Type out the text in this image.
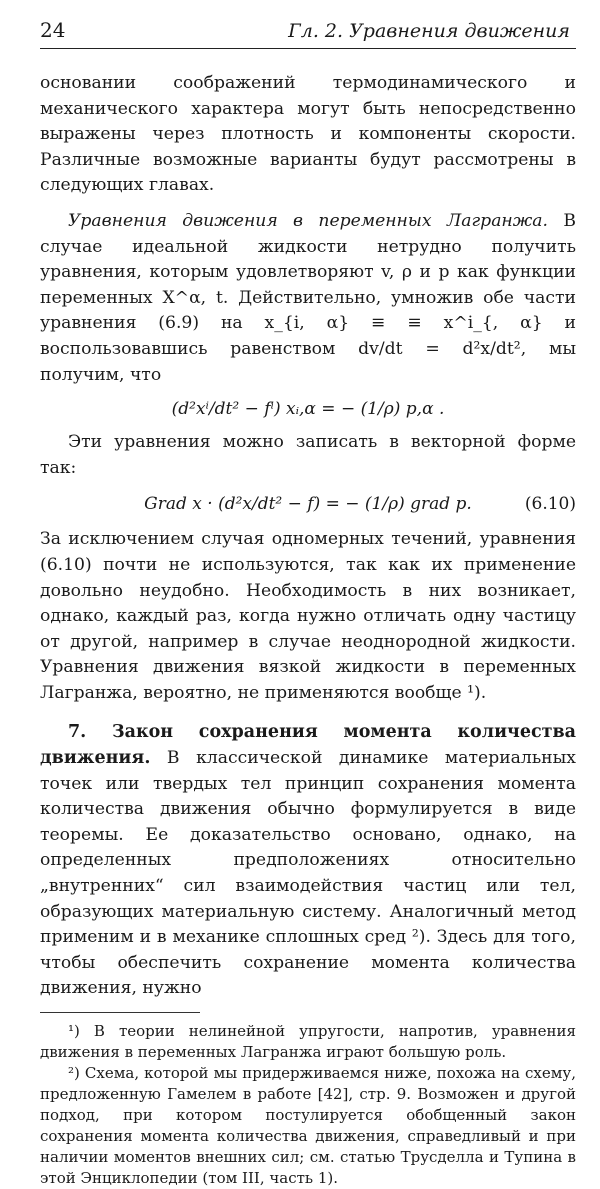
24	Гл. 2. Уравнения движения

основании соображений термодинамического и механического характера могут быть непосредственно выражены через плотность и компоненты скорости. Различные возможные варианты будут рассмотрены в следующих главах.

Уравнения движения в переменных Лагранжа. В случае идеальной жидкости нетрудно получить уравнения, которым удовлетворяют v, ρ и p как функции переменных X^α, t. Действительно, умножив обе части уравнения (6.9) на x_{i, α} ≡ ≡ x^i_{, α} и воспользовавшись равенством dv/dt = d²x/dt², мы получим, что

(d²xⁱ/dt² − fⁱ) xᵢ,α = − (1/ρ) p,α .

Эти уравнения можно записать в векторной форме так:

Grad x · (d²x/dt² − f) = − (1/ρ) grad p.	(6.10)

За исключением случая одномерных течений, уравнения (6.10) почти не используются, так как их применение довольно неудобно. Необходимость в них возникает, однако, каждый раз, когда нужно отличать одну частицу от другой, например в случае неоднородной жидкости. Уравнения движения вязкой жидкости в переменных Лагранжа, вероятно, не применяются вообще ¹).

7. Закон сохранения момента количества движения. В классической динамике материальных точек или твердых тел принцип сохранения момента количества движения обычно формулируется в виде теоремы. Ее доказательство основано, однако, на определенных предположениях относительно „внутренних“ сил взаимодействия частиц или тел, образующих материальную систему. Аналогичный метод применим и в механике сплошных сред ²). Здесь для того, чтобы обеспечить сохранение момента количества движения, нужно

¹) В теории нелинейной упругости, напротив, уравнения движения в переменных Лагранжа играют большую роль.

²) Схема, которой мы придерживаемся ниже, похожа на схему, предложенную Гамелем в работе [42], стр. 9. Возможен и другой подход, при котором постулируется обобщенный закон сохранения момента количества движения, справедливый и при наличии моментов внешних сил; см. статью Труcделла и Тупина в этой Энциклопедии (том III, часть 1).
